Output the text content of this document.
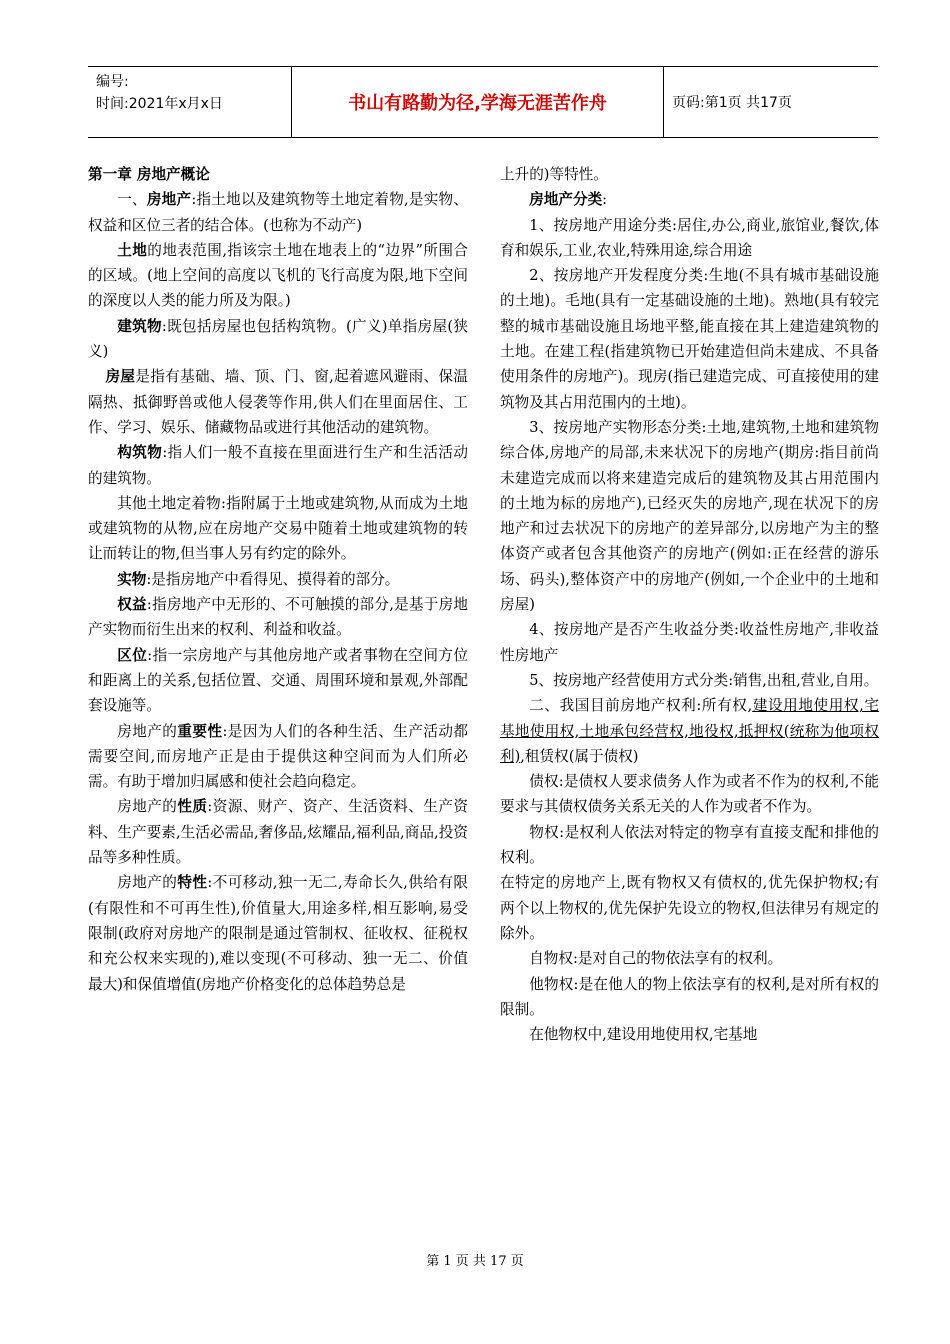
编号:
时间:2021年x月x日	书山有路勤为径,学海无涯苦作舟	页码:第1页 共17页

第一章 房地产概论

一、房地产:指土地以及建筑物等土地定着物,是实物、权益和区位三者的结合体。(也称为不动产)

土地的地表范围,指该宗土地在地表上的“边界”所围合的区域。(地上空间的高度以飞机的飞行高度为限,地下空间的深度以人类的能力所及为限。)

建筑物:既包括房屋也包括构筑物。(广义)单指房屋(狭义)

房屋是指有基础、墙、顶、门、窗,起着遮风避雨、保温隔热、抵御野兽或他人侵袭等作用,供人们在里面居住、工作、学习、娱乐、储藏物品或进行其他活动的建筑物。

构筑物:指人们一般不直接在里面进行生产和生活活动的建筑物。

其他土地定着物:指附属于土地或建筑物,从而成为土地或建筑物的从物,应在房地产交易中随着土地或建筑物的转让而转让的物,但当事人另有约定的除外。

实物:是指房地产中看得见、摸得着的部分。

权益:指房地产中无形的、不可触摸的部分,是基于房地产实物而衍生出来的权利、利益和收益。

区位:指一宗房地产与其他房地产或者事物在空间方位和距离上的关系,包括位置、交通、周围环境和景观,外部配套设施等。

房地产的重要性:是因为人们的各种生活、生产活动都需要空间,而房地产正是由于提供这种空间而为人们所必需。有助于增加归属感和使社会趋向稳定。

房地产的性质:资源、财产、资产、生活资料、生产资料、生产要素,生活必需品,奢侈品,炫耀品,福利品,商品,投资品等多种性质。

房地产的特性:不可移动,独一无二,寿命长久,供给有限(有限性和不可再生性),价值量大,用途多样,相互影响,易受限制(政府对房地产的限制是通过管制权、征收权、征税权和充公权来实现的),难以变现(不可移动、独一无二、价值最大)和保值增值(房地产价格变化的总体趋势总是

上升的)等特性。

房地产分类:

1、按房地产用途分类:居住,办公,商业,旅馆业,餐饮,体育和娱乐,工业,农业,特殊用途,综合用途

2、按房地产开发程度分类:生地(不具有城市基础设施的土地)。毛地(具有一定基础设施的土地)。熟地(具有较完整的城市基础设施且场地平整,能直接在其上建造建筑物的土地。在建工程(指建筑物已开始建造但尚未建成、不具备使用条件的房地产)。现房(指已建造完成、可直接使用的建筑物及其占用范围内的土地)。

3、按房地产实物形态分类:土地,建筑物,土地和建筑物综合体,房地产的局部,未来状况下的房地产(期房:指目前尚未建造完成而以将来建造完成后的建筑物及其占用范围内的土地为标的房地产),已经灭失的房地产,现在状况下的房地产和过去状况下的房地产的差异部分,以房地产为主的整体资产或者包含其他资产的房地产(例如:正在经营的游乐场、码头),整体资产中的房地产(例如,一个企业中的土地和房屋)

4、按房地产是否产生收益分类:收益性房地产,非收益性房地产

5、按房地产经营使用方式分类:销售,出租,营业,自用。

二、我国目前房地产权利:所有权,建设用地使用权,宅基地使用权,土地承包经营权,地役权,抵押权(统称为他项权利),租赁权(属于债权)

债权:是债权人要求债务人作为或者不作为的权利,不能要求与其债权债务关系无关的人作为或者不作为。

物权:是权利人依法对特定的物享有直接支配和排他的权利。

在特定的房地产上,既有物权又有债权的,优先保护物权;有两个以上物权的,优先保护先设立的物权,但法律另有规定的除外。

自物权:是对自己的物依法享有的权利。

他物权:是在他人的物上依法享有的权利,是对所有权的限制。

在他物权中,建设用地使用权,宅基地

第 1 页 共 17 页
